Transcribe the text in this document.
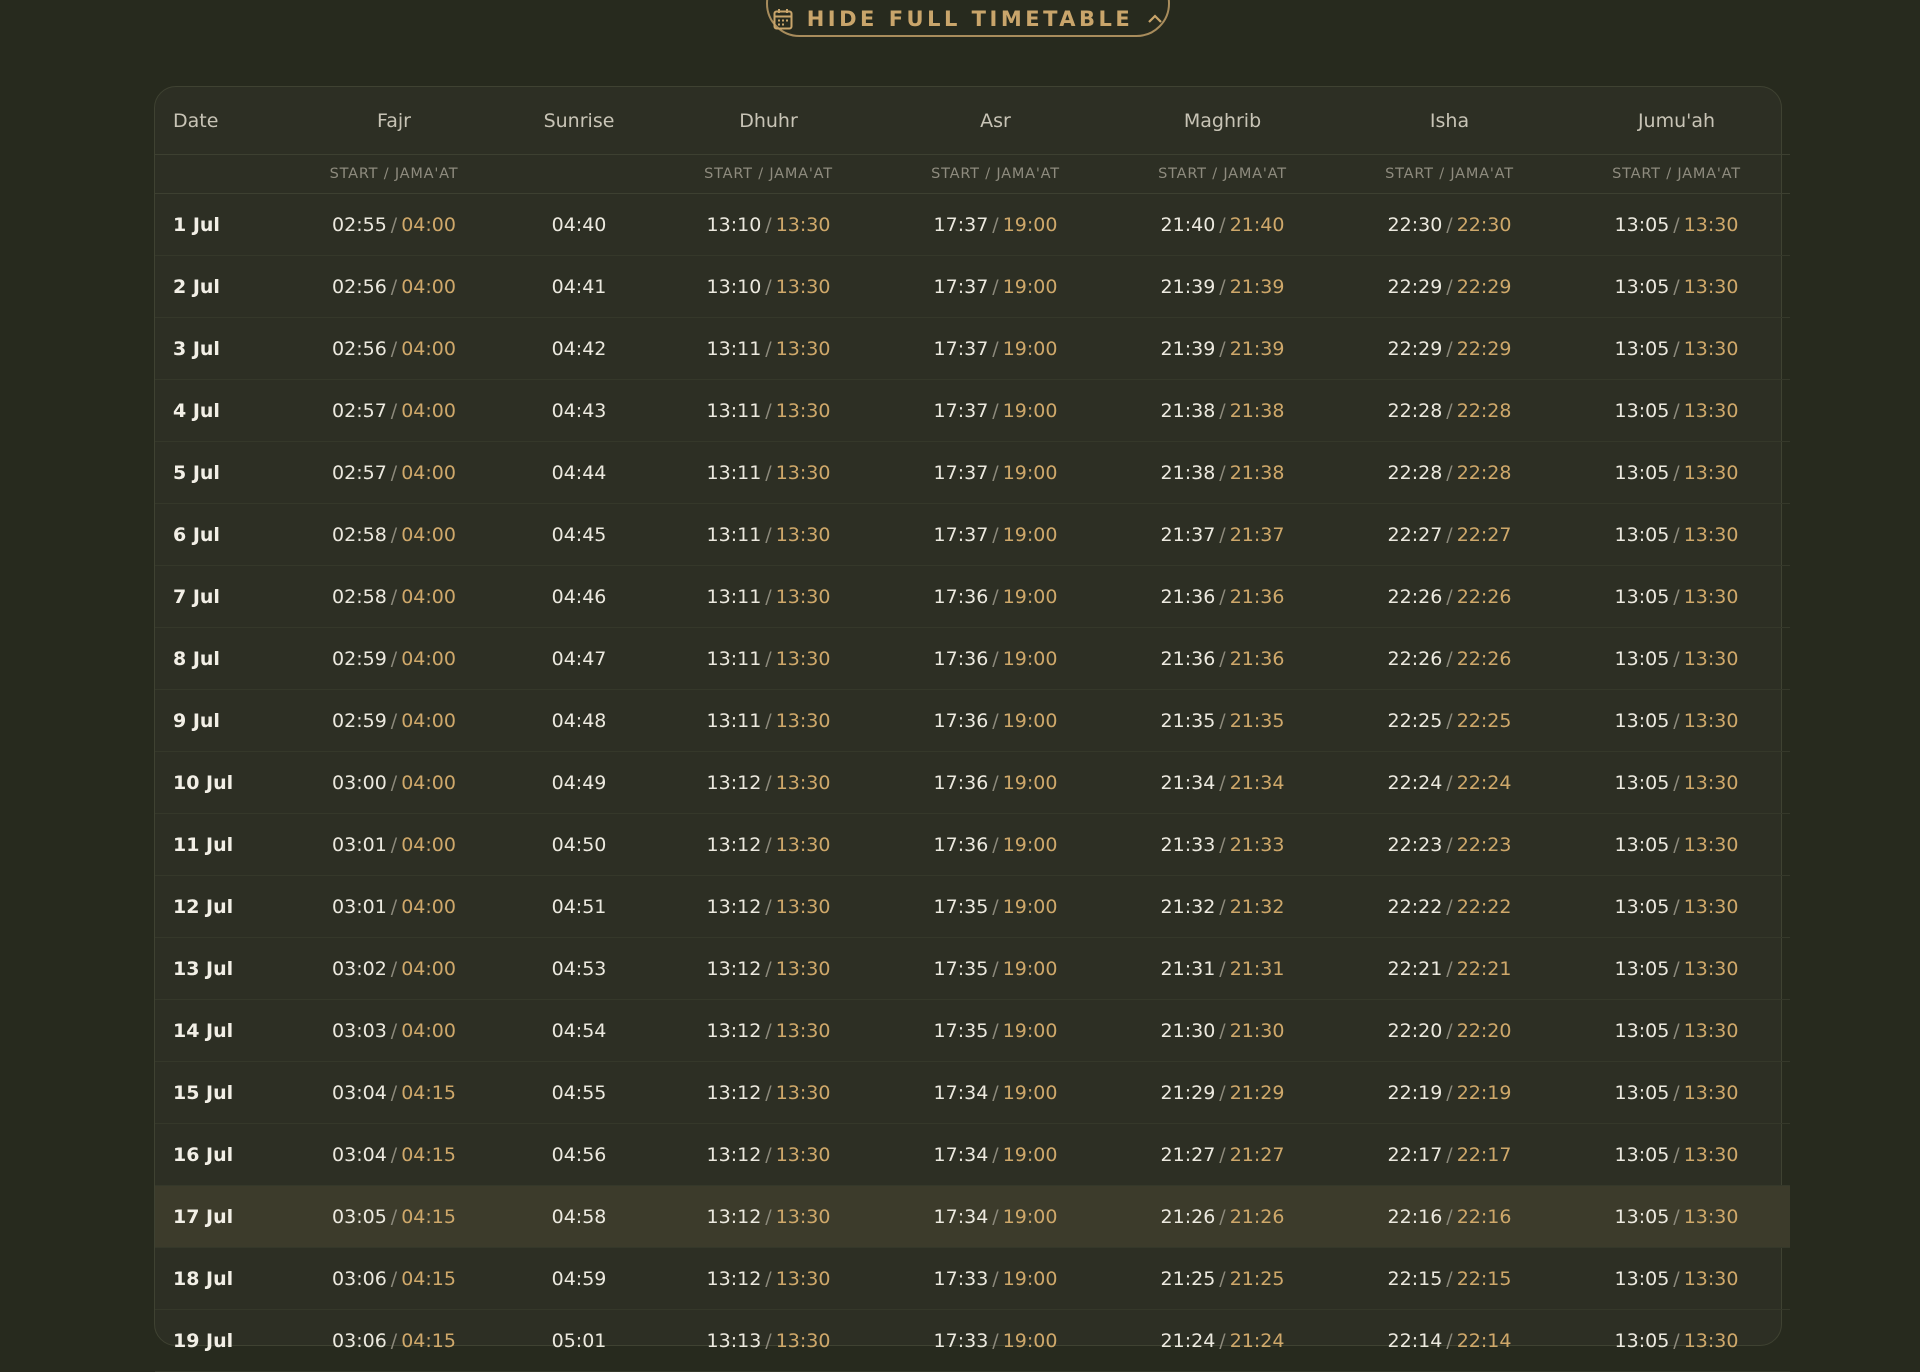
HIDE FULL TIMETABLE
Date	Fajr	Sunrise	Dhuhr	Asr	Maghrib	Isha	Jumu'ah
	START / JAMA'AT		START / JAMA'AT	START / JAMA'AT	START / JAMA'AT	START / JAMA'AT	START / JAMA'AT
1 Jul	02:55 / 04:00	04:40	13:10 / 13:30	17:37 / 19:00	21:40 / 21:40	22:30 / 22:30	13:05 / 13:30
2 Jul	02:56 / 04:00	04:41	13:10 / 13:30	17:37 / 19:00	21:39 / 21:39	22:29 / 22:29	13:05 / 13:30
3 Jul	02:56 / 04:00	04:42	13:11 / 13:30	17:37 / 19:00	21:39 / 21:39	22:29 / 22:29	13:05 / 13:30
4 Jul	02:57 / 04:00	04:43	13:11 / 13:30	17:37 / 19:00	21:38 / 21:38	22:28 / 22:28	13:05 / 13:30
5 Jul	02:57 / 04:00	04:44	13:11 / 13:30	17:37 / 19:00	21:38 / 21:38	22:28 / 22:28	13:05 / 13:30
6 Jul	02:58 / 04:00	04:45	13:11 / 13:30	17:37 / 19:00	21:37 / 21:37	22:27 / 22:27	13:05 / 13:30
7 Jul	02:58 / 04:00	04:46	13:11 / 13:30	17:36 / 19:00	21:36 / 21:36	22:26 / 22:26	13:05 / 13:30
8 Jul	02:59 / 04:00	04:47	13:11 / 13:30	17:36 / 19:00	21:36 / 21:36	22:26 / 22:26	13:05 / 13:30
9 Jul	02:59 / 04:00	04:48	13:11 / 13:30	17:36 / 19:00	21:35 / 21:35	22:25 / 22:25	13:05 / 13:30
10 Jul	03:00 / 04:00	04:49	13:12 / 13:30	17:36 / 19:00	21:34 / 21:34	22:24 / 22:24	13:05 / 13:30
11 Jul	03:01 / 04:00	04:50	13:12 / 13:30	17:36 / 19:00	21:33 / 21:33	22:23 / 22:23	13:05 / 13:30
12 Jul	03:01 / 04:00	04:51	13:12 / 13:30	17:35 / 19:00	21:32 / 21:32	22:22 / 22:22	13:05 / 13:30
13 Jul	03:02 / 04:00	04:53	13:12 / 13:30	17:35 / 19:00	21:31 / 21:31	22:21 / 22:21	13:05 / 13:30
14 Jul	03:03 / 04:00	04:54	13:12 / 13:30	17:35 / 19:00	21:30 / 21:30	22:20 / 22:20	13:05 / 13:30
15 Jul	03:04 / 04:15	04:55	13:12 / 13:30	17:34 / 19:00	21:29 / 21:29	22:19 / 22:19	13:05 / 13:30
16 Jul	03:04 / 04:15	04:56	13:12 / 13:30	17:34 / 19:00	21:27 / 21:27	22:17 / 22:17	13:05 / 13:30
17 Jul	03:05 / 04:15	04:58	13:12 / 13:30	17:34 / 19:00	21:26 / 21:26	22:16 / 22:16	13:05 / 13:30
18 Jul	03:06 / 04:15	04:59	13:12 / 13:30	17:33 / 19:00	21:25 / 21:25	22:15 / 22:15	13:05 / 13:30
19 Jul	03:06 / 04:15	05:01	13:13 / 13:30	17:33 / 19:00	21:24 / 21:24	22:14 / 22:14	13:05 / 13:30
